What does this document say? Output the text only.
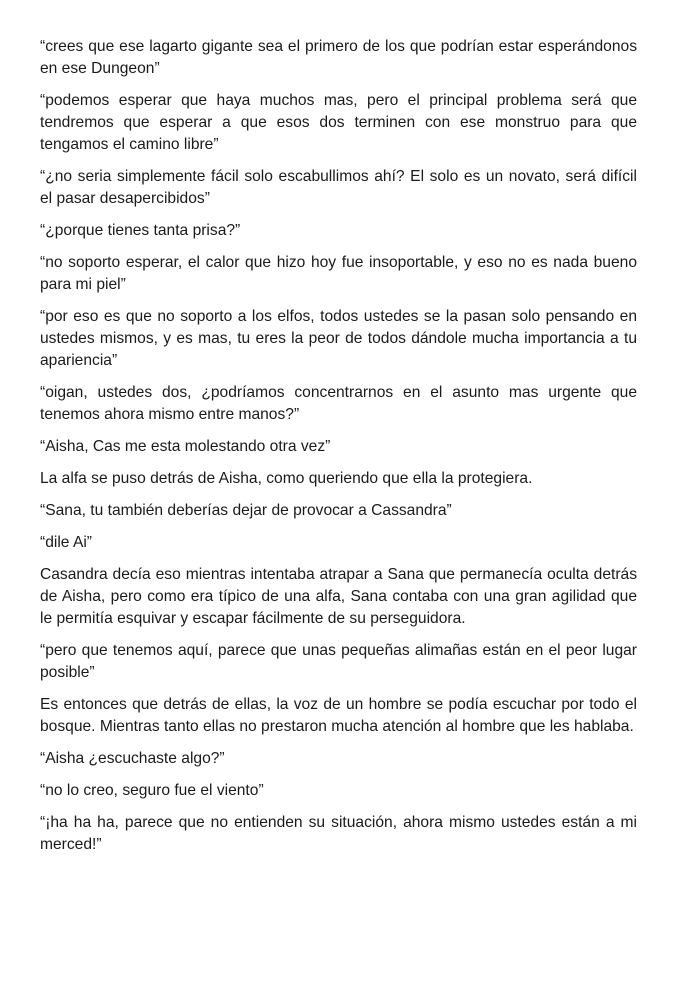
“crees que ese lagarto gigante sea el primero de los que podrían estar esperándonos en ese Dungeon”

“podemos esperar que haya muchos mas, pero el principal problema será que tendremos que esperar a que esos dos terminen con ese monstruo para que tengamos el camino libre”

“¿no seria simplemente fácil solo escabullimos ahí? El solo es un novato, será difícil el pasar desapercibidos”

“¿porque tienes tanta prisa?”

“no soporto esperar, el calor que hizo hoy fue insoportable, y eso no es nada bueno para mi piel”

“por eso es que no soporto a los elfos, todos ustedes se la pasan solo pensando en ustedes mismos, y es mas, tu eres la peor de todos dándole mucha importancia a tu apariencia”

“oigan, ustedes dos, ¿podríamos concentrarnos en el asunto mas urgente que tenemos ahora mismo entre manos?”

“Aisha, Cas me esta molestando otra vez”

La alfa se puso detrás de Aisha, como queriendo que ella la protegiera.

“Sana, tu también deberías dejar de provocar a Cassandra”

“dile Ai”

Casandra decía eso mientras intentaba atrapar a Sana que permanecía oculta detrás de Aisha, pero como era típico de una alfa, Sana contaba con una gran agilidad que le permitía esquivar y escapar fácilmente de su perseguidora.

“pero que tenemos aquí, parece que unas pequeñas alimañas están en el peor lugar posible”

Es entonces que detrás de ellas, la voz de un hombre se podía escuchar por todo el bosque. Mientras tanto ellas no prestaron mucha atención al hombre que les hablaba.

“Aisha ¿escuchaste algo?”

“no lo creo, seguro fue el viento”

“¡ha ha ha, parece que no entienden su situación, ahora mismo ustedes están a mi merced!”
